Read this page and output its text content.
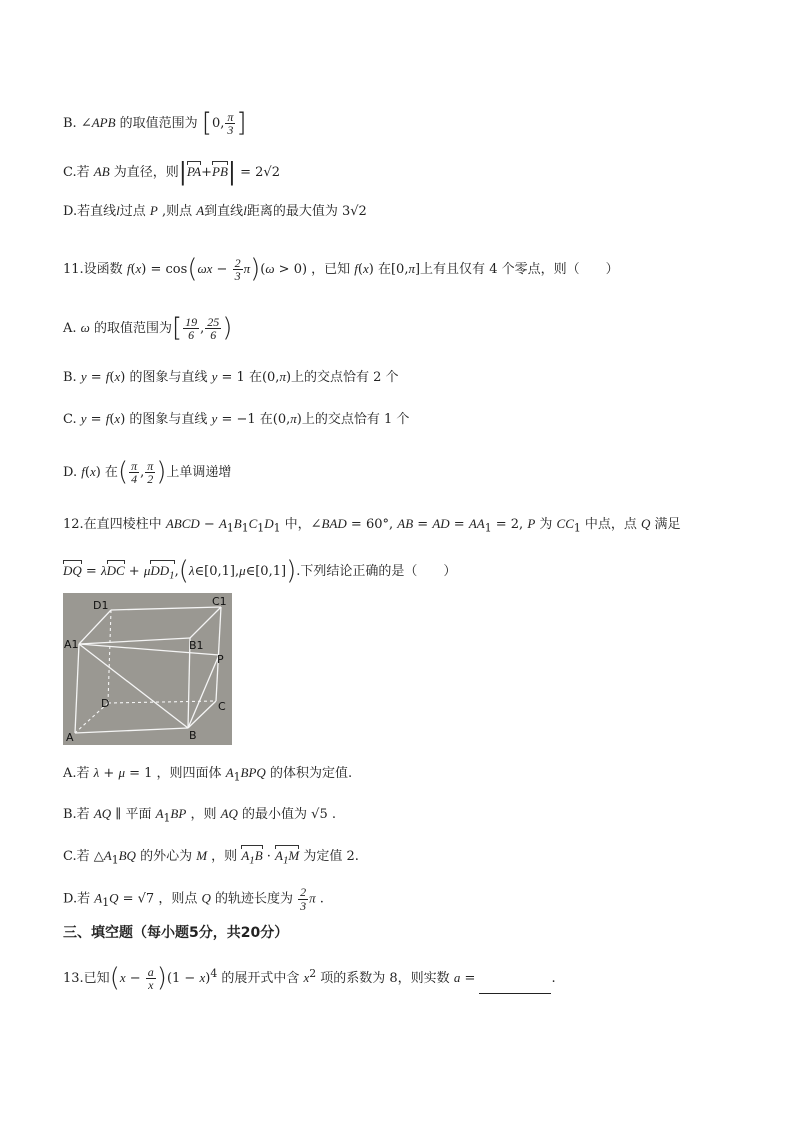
B. ∠APB 的取值范围为 [0, $\frac{\pi}{3}$ ]
C.若 AB 为直径，则|PA+PB| = 2√2
D.若直线l过点 P ,则点 A到直线l距离的最大值为 3√2
11.设函数 $f(x) = \cos(\omega x - \frac{2}{3} \pi)(\omega > 0)$ ，已知 f(x) 在[0,π]上有且仅有 4 个零点，则（　　）
A. ω 的取值范围为[ $\frac{19}{6}$ , $\frac{25}{6}$ )
B. y = f(x) 的图象与直线 y = 1 在(0,π)上的交点恰有 2 个
C. y = f(x) 的图象与直线 y = −1 在(0,π)上的交点恰有 1 个
D. f(x) 在( $\frac{\pi}{4}$ , $\frac{\pi}{2}$ )上单调递增
12.在直四棱柱中 ABCD − $A_1B_1C_1D_1$ 中，∠BAD = 60°, AB = AD = $AA_1 = 2$, P 为 $CC_1$ 中点，点 Q 满足
DQ = λDC + μDD$_1$,(λ∈[0,1],μ∈[0,1]).下列结论正确的是（　　）
D1	C1
A1	B1
P
D	C
A	B
A.若 λ + μ = 1 ，则四面体 $A_1BPQ$ 的体积为定值.
B.若 AQ ∥ 平面 $A_1BP$ ，则 AQ 的最小值为 √5 .
C.若 $\triangle A_1BQ$ 的外心为 M ，则 $A_1B \cdot A_1M$ 为定值 2.
D.若 $A_1Q = √7$ ，则点 Q 的轨迹长度为 $\frac{2}{3}$ π .
三、填空题（每小题5分，共20分）
13.已知$(x - \frac{a}{x} )(1 - x)^4$ 的展开式中含 $x^2$ 项的系数为 8，则实数 a =	.
